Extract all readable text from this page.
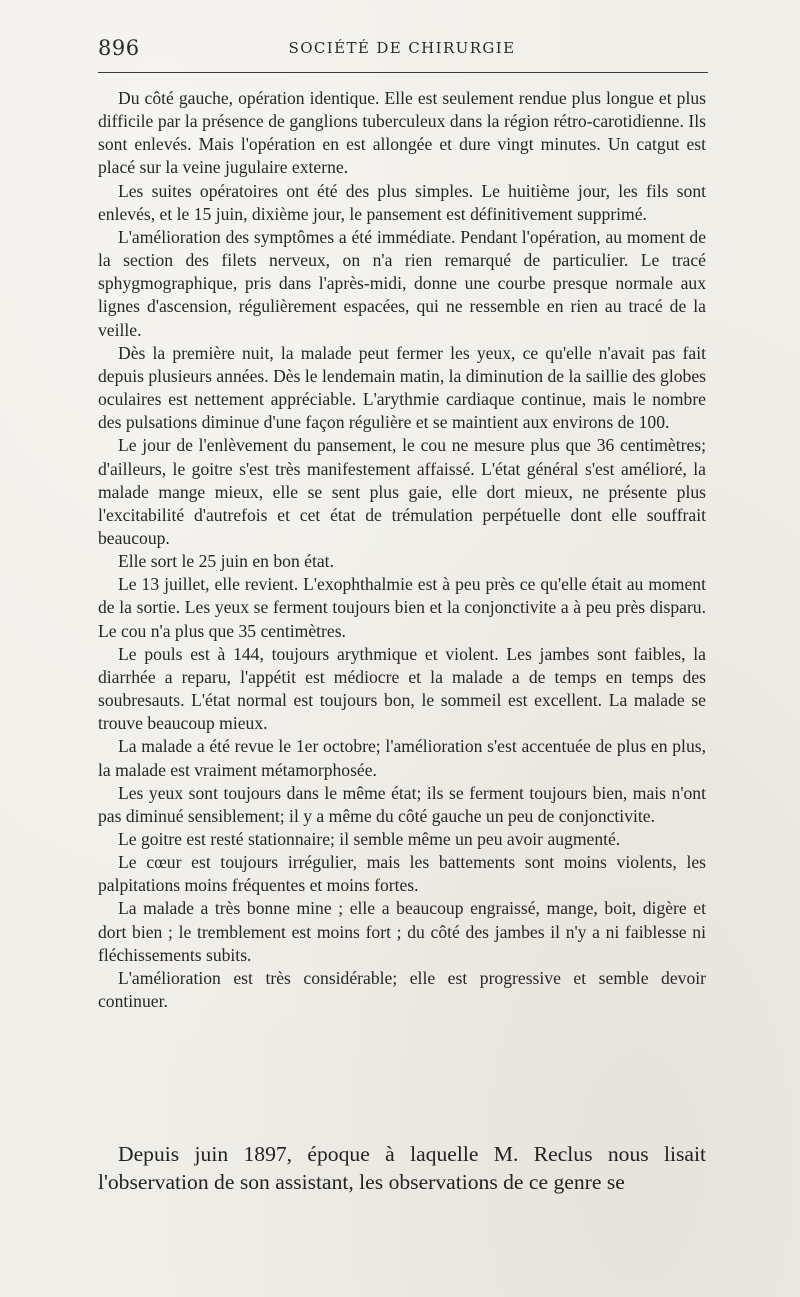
896	SOCIÉTÉ DE CHIRURGIE

Du côté gauche, opération identique. Elle est seulement rendue plus longue et plus difficile par la présence de ganglions tuberculeux dans la région rétro-carotidienne. Ils sont enlevés. Mais l'opération en est allongée et dure vingt minutes. Un catgut est placé sur la veine jugulaire externe.

Les suites opératoires ont été des plus simples. Le huitième jour, les fils sont enlevés, et le 15 juin, dixième jour, le pansement est définitivement supprimé.

L'amélioration des symptômes a été immédiate. Pendant l'opération, au moment de la section des filets nerveux, on n'a rien remarqué de particulier. Le tracé sphygmographique, pris dans l'après-midi, donne une courbe presque normale aux lignes d'ascension, régulièrement espacées, qui ne ressemble en rien au tracé de la veille.

Dès la première nuit, la malade peut fermer les yeux, ce qu'elle n'avait pas fait depuis plusieurs années. Dès le lendemain matin, la diminution de la saillie des globes oculaires est nettement appréciable. L'arythmie cardiaque continue, mais le nombre des pulsations diminue d'une façon régulière et se maintient aux environs de 100.

Le jour de l'enlèvement du pansement, le cou ne mesure plus que 36 centimètres; d'ailleurs, le goitre s'est très manifestement affaissé. L'état général s'est amélioré, la malade mange mieux, elle se sent plus gaie, elle dort mieux, ne présente plus l'excitabilité d'autrefois et cet état de trémulation perpétuelle dont elle souffrait beaucoup.

Elle sort le 25 juin en bon état.

Le 13 juillet, elle revient. L'exophthalmie est à peu près ce qu'elle était au moment de la sortie. Les yeux se ferment toujours bien et la conjonctivite a à peu près disparu. Le cou n'a plus que 35 centimètres.

Le pouls est à 144, toujours arythmique et violent. Les jambes sont faibles, la diarrhée a reparu, l'appétit est médiocre et la malade a de temps en temps des soubresauts. L'état normal est toujours bon, le sommeil est excellent. La malade se trouve beaucoup mieux.

La malade a été revue le 1er octobre; l'amélioration s'est accentuée de plus en plus, la malade est vraiment métamorphosée.

Les yeux sont toujours dans le même état; ils se ferment toujours bien, mais n'ont pas diminué sensiblement; il y a même du côté gauche un peu de conjonctivite.

Le goitre est resté stationnaire; il semble même un peu avoir augmenté.

Le cœur est toujours irrégulier, mais les battements sont moins violents, les palpitations moins fréquentes et moins fortes.

La malade a très bonne mine ; elle a beaucoup engraissé, mange, boit, digère et dort bien ; le tremblement est moins fort ; du côté des jambes il n'y a ni faiblesse ni fléchissements subits.

L'amélioration est très considérable; elle est progressive et semble devoir continuer.

Depuis juin 1897, époque à laquelle M. Reclus nous lisait l'observation de son assistant, les observations de ce genre se
